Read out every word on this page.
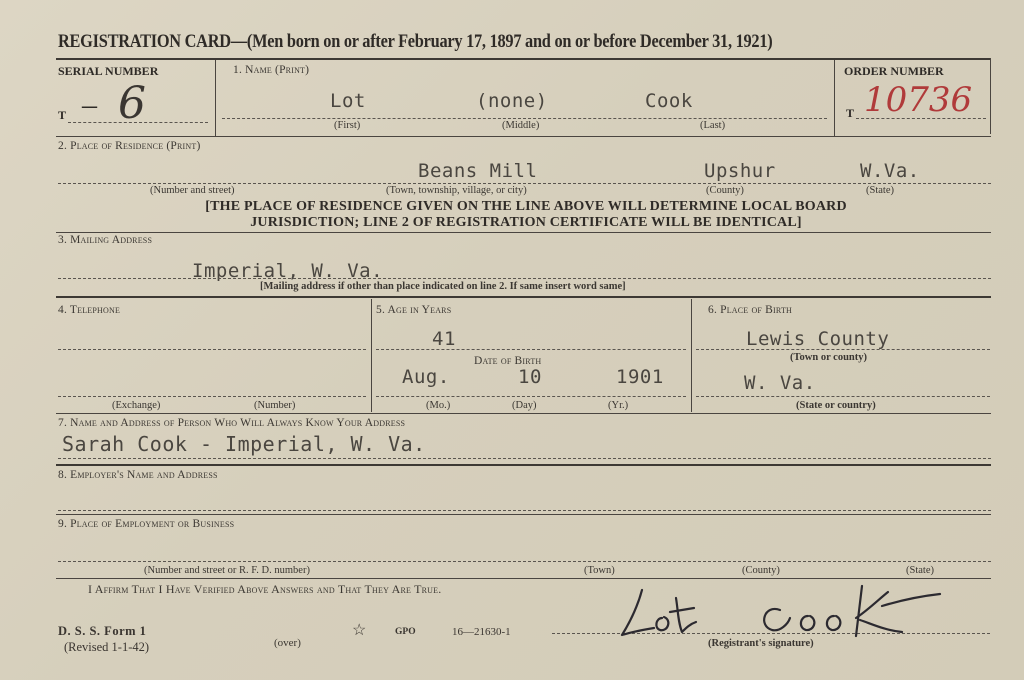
REGISTRATION CARD—(Men born on or after February 17, 1897 and on or before December 31, 1921)
SERIAL NUMBER
T – 6
1. Name (Print)
Lot	(none)	Cook
(First)	(Middle)	(Last)
ORDER NUMBER
T 10736
2. Place of Residence (Print)
Beans Mill	Upshur	W.Va.
(Number and street)	(Town, township, village, or city)	(County)	(State)
[THE PLACE OF RESIDENCE GIVEN ON THE LINE ABOVE WILL DETERMINE LOCAL BOARD
JURISDICTION; LINE 2 OF REGISTRATION CERTIFICATE WILL BE IDENTICAL]
3. Mailing Address
Imperial, W. Va.
[Mailing address if other than place indicated on line 2. If same insert word same]
4. Telephone
(Exchange)	(Number)
5. Age in Years
41
Date of Birth
Aug.	10	1901
(Mo.)	(Day)	(Yr.)
6. Place of Birth
Lewis County
(Town or county)
W. Va.
(State or country)
7. Name and Address of Person Who Will Always Know Your Address
Sarah Cook - Imperial, W. Va.
8. Employer's Name and Address
9. Place of Employment or Business
(Number and street or R. F. D. number)	(Town)	(County)	(State)
I Affirm That I Have Verified Above Answers and That They Are True.
D. S. S. Form 1
(Revised 1-1-42)	(over)
☆	GPO	16—21630-1
(Registrant's signature)
